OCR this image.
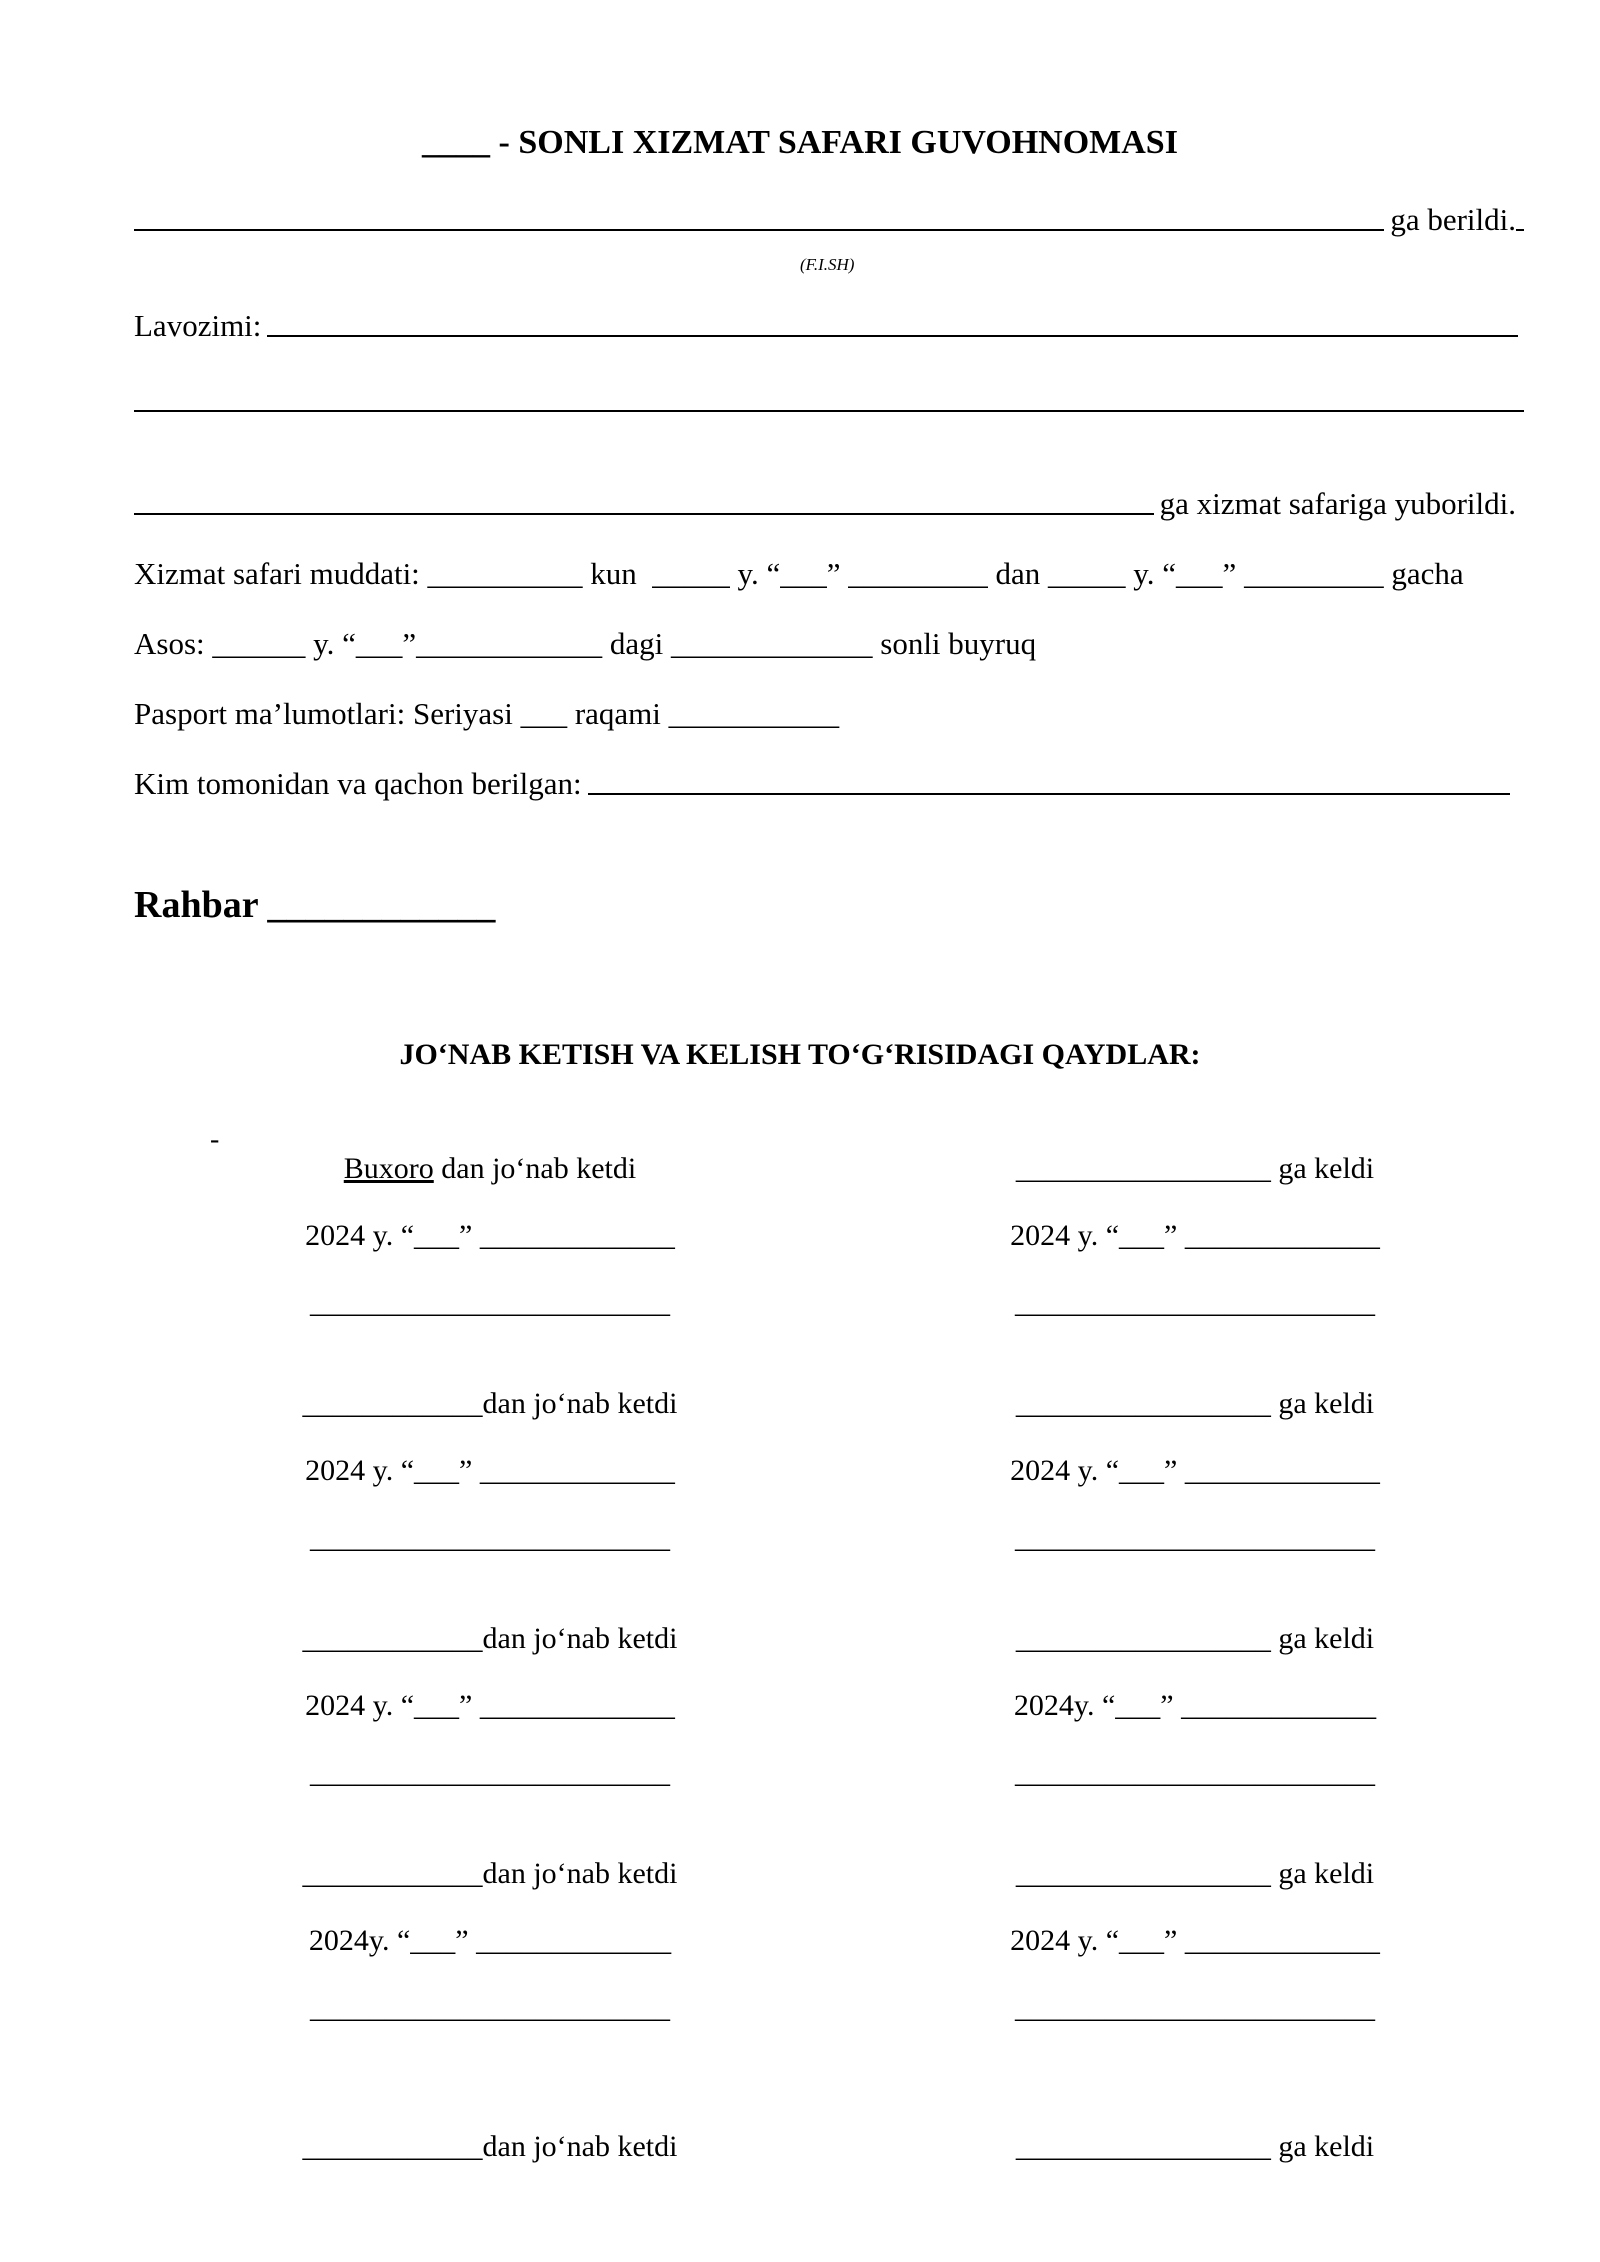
____ - SONLI XIZMAT SAFARI GUVOHNOMASI
ga berildi.
(F.I.SH)
Lavozimi:
ga xizmat safariga yuborildi.
Xizmat safari muddati: __________ kun  _____ y. “___” _________ dan _____ y. “___” _________ gacha
Asos: ______ y. “___”____________ dagi _____________ sonli buyruq
Pasport ma’lumotlari: Seriyasi ___ raqami ___________
Kim tomonidan va qachon berilgan:
Rahbar ____________
JO‘NAB KETISH VA KELISH TO‘G‘RISIDAGI QAYDLAR:
-
Buxoro dan jo‘nab ketdi
2024 y. “___” _____________
________________________
_________________ ga keldi
2024 y. “___” _____________
________________________
____________dan jo‘nab ketdi
2024 y. “___” _____________
________________________
_________________ ga keldi
2024 y. “___” _____________
________________________
____________dan jo‘nab ketdi
2024 y. “___” _____________
________________________
_________________ ga keldi
2024y. “___” _____________
________________________
____________dan jo‘nab ketdi
2024y. “___” _____________
________________________
_________________ ga keldi
2024 y. “___” _____________
________________________
____________dan jo‘nab ketdi	_________________ ga keldi
